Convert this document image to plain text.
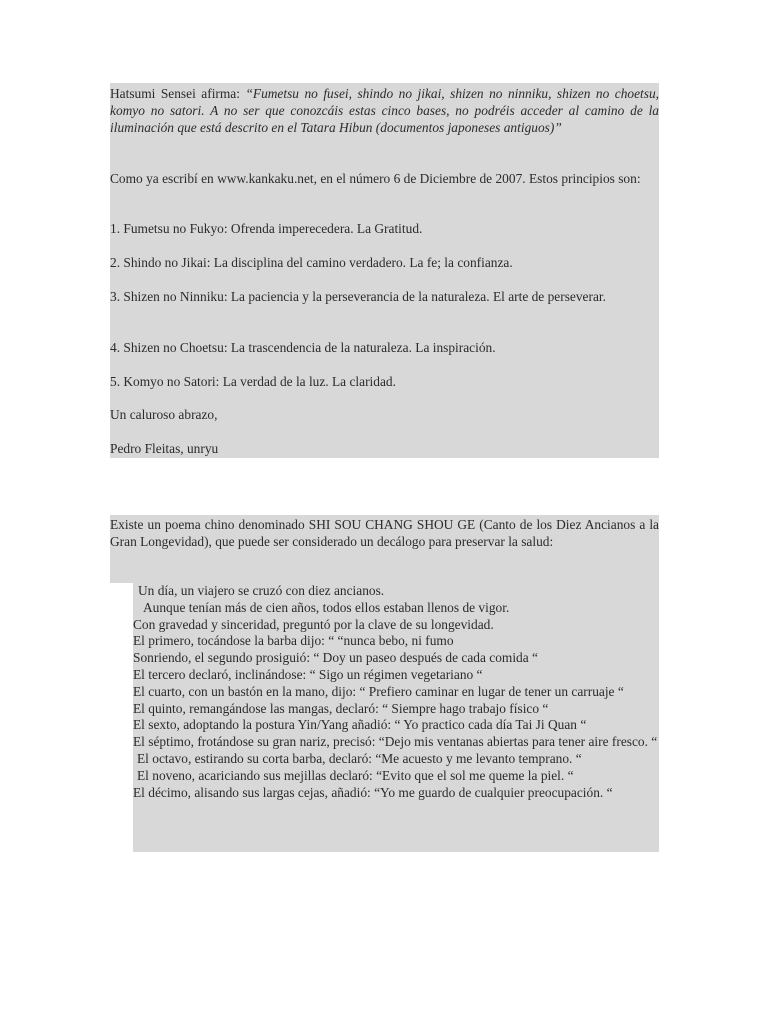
Hatsumi Sensei afirma: “Fumetsu no fusei, shindo no jikai, shizen no ninniku, shizen no choetsu, komyo no satori. A no ser que conozcáis estas cinco bases, no podréis acceder al camino de la iluminación que está descrito en el Tatara Hibun (documentos japoneses antiguos)”

Como ya escribí en www.kankaku.net, en el número 6 de Diciembre de 2007. Estos principios son:

1. Fumetsu no Fukyo: Ofrenda imperecedera. La Gratitud.

2. Shindo no Jikai: La disciplina del camino verdadero. La fe; la confianza.

3. Shizen no Ninniku: La paciencia y la perseverancia de la naturaleza. El arte de perseverar.

4. Shizen no Choetsu: La trascendencia de la naturaleza. La inspiración.

5. Komyo no Satori: La verdad de la luz. La claridad.

Un caluroso abrazo,

Pedro Fleitas, unryu

Existe un poema chino denominado SHI SOU CHANG SHOU GE (Canto de los Diez Ancianos a la Gran Longevidad), que puede ser considerado un decálogo para preservar la salud:

Un día, un viajero se cruzó con diez ancianos.
Aunque tenían más de cien años, todos ellos estaban llenos de vigor.
Con gravedad y sinceridad, preguntó por la clave de su longevidad.
El primero, tocándose la barba dijo: “ “nunca bebo, ni fumo
Sonriendo, el segundo prosiguió: “ Doy un paseo después de cada comida “
El tercero declaró, inclinándose: “ Sigo un régimen vegetariano “
El cuarto, con un bastón en la mano, dijo: “ Prefiero caminar en lugar de tener un carruaje “
El quinto, remangándose las mangas, declaró: “ Siempre hago trabajo físico “
El sexto, adoptando la postura Yin/Yang añadió: “ Yo practico cada día Tai Ji Quan “
El séptimo, frotándose su gran nariz, precisó: “Dejo mis ventanas abiertas para tener aire fresco. “
El octavo, estirando su corta barba, declaró: “Me acuesto y me levanto temprano. “
El noveno, acariciando sus mejillas declaró: “Evito que el sol me queme la piel. “
El décimo, alisando sus largas cejas, añadió: “Yo me guardo de cualquier preocupación. “
